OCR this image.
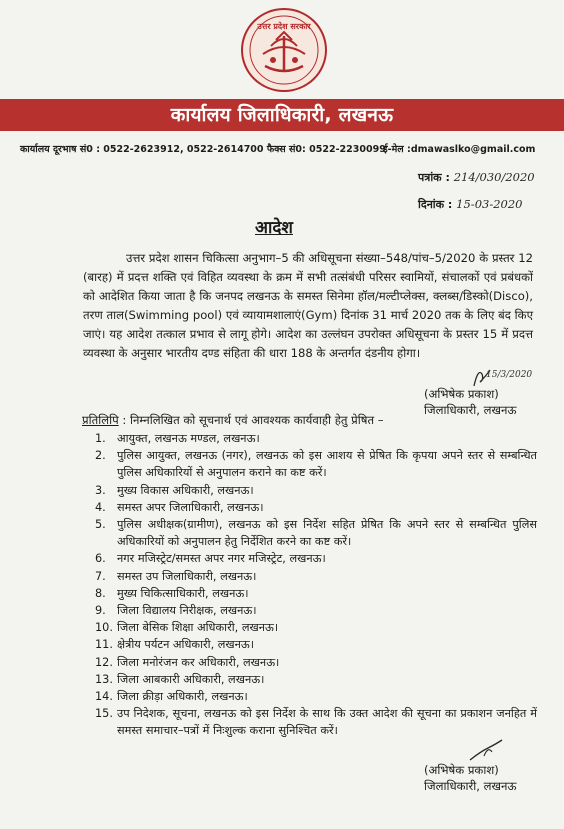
उत्तर प्रदेश सरकार
कार्यालय जिलाधिकारी, लखनऊ
कार्यालय दूरभाष सं0 : 0522-2623912, 0522-2614700 फैक्स सं0: 0522-2230099
ई-मेल :dmawaslko@gmail.com
पत्रांक : 214/030/2020
दिनांक : 15-03-2020
आदेश
उत्तर प्रदेश शासन चिकित्सा अनुभाग–5 की अधिसूचना संख्या–548/पांच–5/2020 के प्रस्तर 12 (बारह) में प्रदत्त शक्ति एवं विहित व्यवस्था के क्रम में सभी तत्संबंधी परिसर स्वामियों, संचालकों एवं प्रबंधकों को आदेशित किया जाता है कि जनपद लखनऊ के समस्त सिनेमा हॉल/मल्टीप्लेक्स, क्लब्स/डिस्को(Disco), तरण ताल(Swimming pool) एवं व्यायामशालाएं(Gym) दिनांक 31 मार्च 2020 तक के लिए बंद किए जाएं। यह आदेश तत्काल प्रभाव से लागू होगे। आदेश का उल्लंघन उपरोक्त अधिसूचना के प्रस्तर 15 में प्रदत्त व्यवस्था के अनुसार भारतीय दण्ड संहिता की धारा 188 के अन्तर्गत दंडनीय होगा।
15/3/2020
(अभिषेक प्रकाश)
जिलाधिकारी, लखनऊ
प्रतिलिपि : निम्नलिखित को सूचनार्थ एवं आवश्यक कार्यवाही हेतु प्रेषित –
1. आयुक्त, लखनऊ मण्डल, लखनऊ।
2. पुलिस आयुक्त, लखनऊ (नगर), लखनऊ को इस आशय से प्रेषित कि कृपया अपने स्तर से सम्बन्धित पुलिस अधिकारियों से अनुपालन कराने का कष्ट करें।
3. मुख्य विकास अधिकारी, लखनऊ।
4. समस्त अपर जिलाधिकारी, लखनऊ।
5. पुलिस अधीक्षक(ग्रामीण), लखनऊ को इस निर्देश सहित प्रेषित कि अपने स्तर से सम्बन्धित पुलिस अधिकारियों को अनुपालन हेतु निर्देशित करने का कष्ट करें।
6. नगर मजिस्ट्रेट/समस्त अपर नगर मजिस्ट्रेट, लखनऊ।
7. समस्त उप जिलाधिकारी, लखनऊ।
8. मुख्य चिकित्साधिकारी, लखनऊ।
9. जिला विद्यालय निरीक्षक, लखनऊ।
10. जिला बेसिक शिक्षा अधिकारी, लखनऊ।
11. क्षेत्रीय पर्यटन अधिकारी, लखनऊ।
12. जिला मनोरंजन कर अधिकारी, लखनऊ।
13. जिला आबकारी अधिकारी, लखनऊ।
14. जिला क्रीड़ा अधिकारी, लखनऊ।
15. उप निदेशक, सूचना, लखनऊ को इस निर्देश के साथ कि उक्त आदेश की सूचना का प्रकाशन जनहित में समस्त समाचार–पत्रों में निःशुल्क कराना सुनिश्चित करें।
(अभिषेक प्रकाश)
जिलाधिकारी, लखनऊ
